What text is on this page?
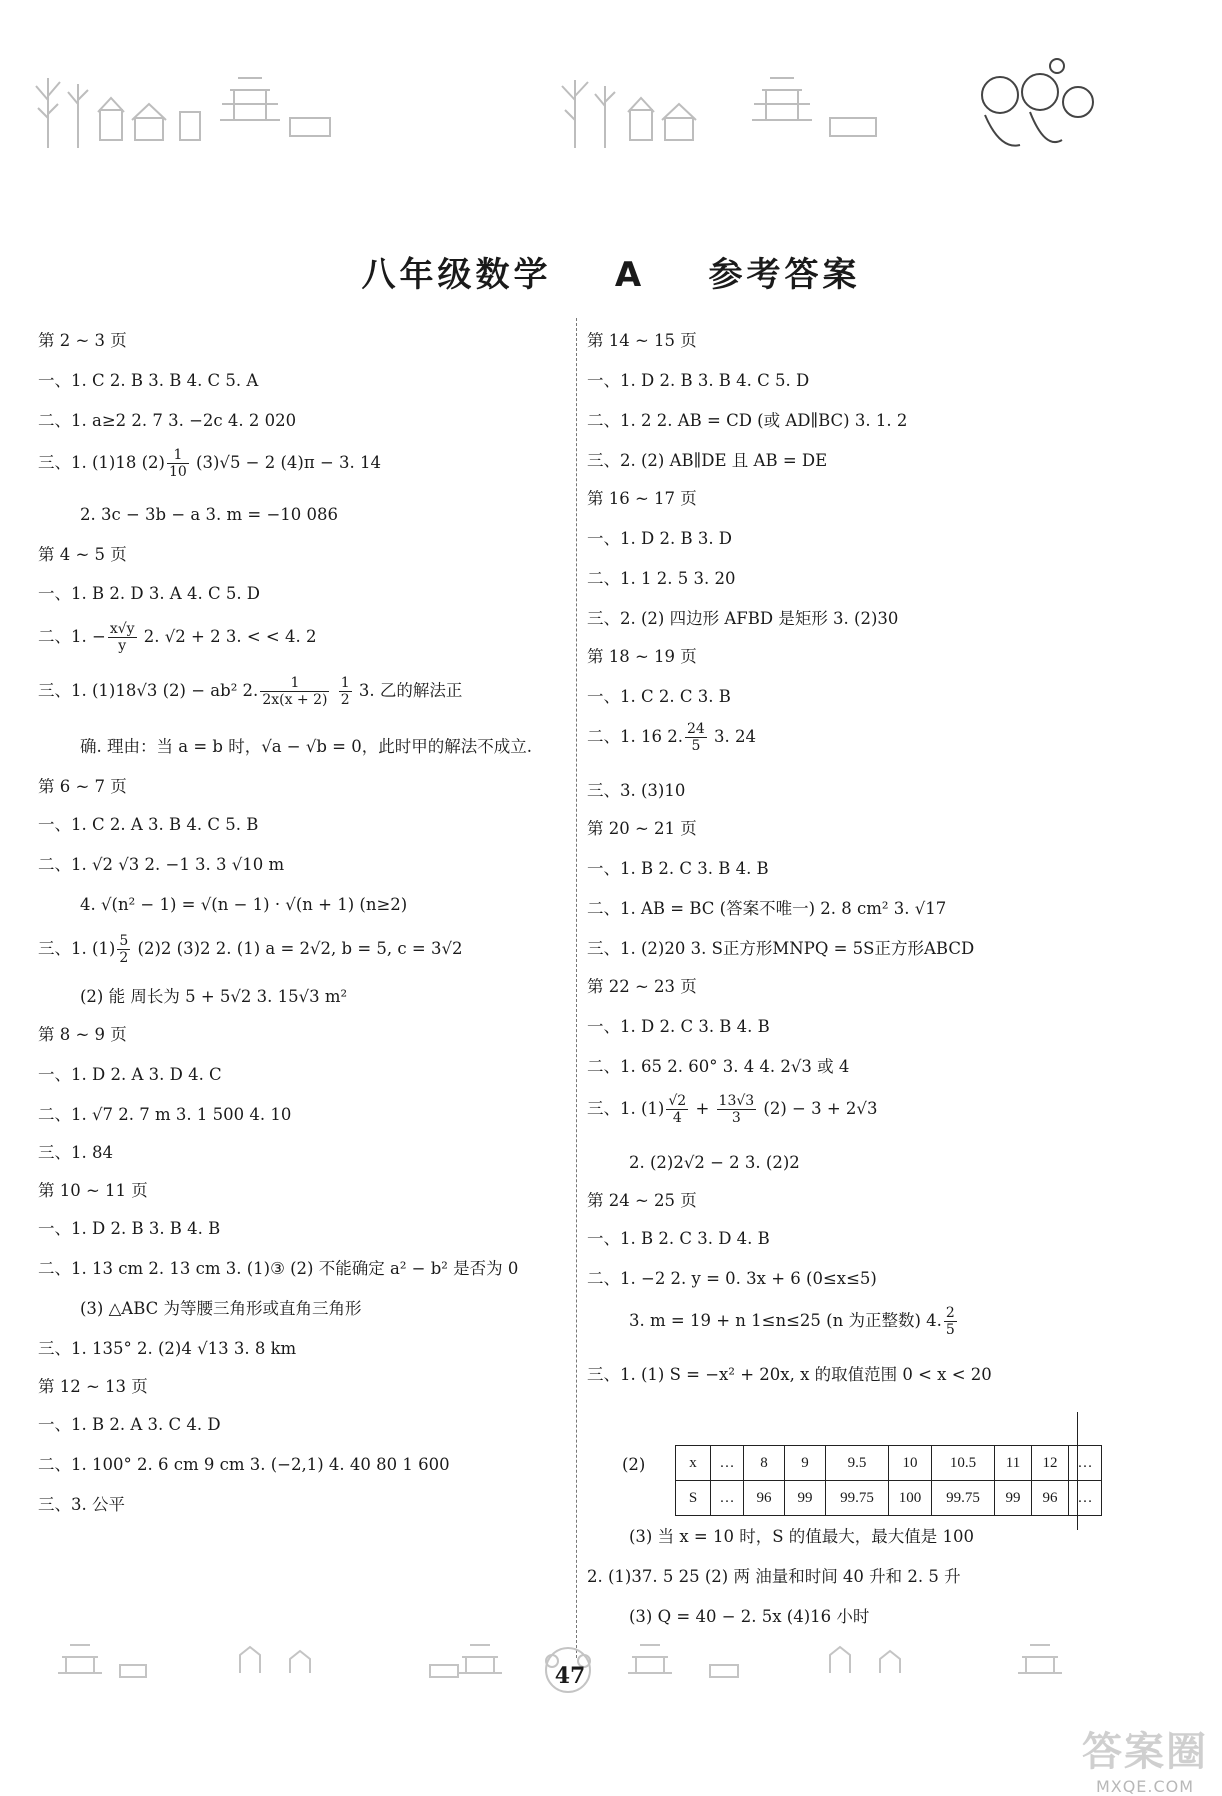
八年级数学    A    参考答案
第 2 ~ 3 页
一、1. C 2. B 3. B 4. C 5. A
二、1. a≥2 2. 7 3. −2c 4. 2 020
三、1. (1)18 $(2) \frac{1}{10} (3)√5 - 2$ (4)π − 3. 14
2. 3c − 3b − a 3. m = −10 086
第 4 ~ 5 页
一、1. B 2. D 3. A 4. C 5. D
二、1. − $\frac{x√y}{y} 2$. √2 + 2 3. < < 4. 2
三、1. (1)18√3 (2) − ab² 2. $\frac{1}{2x(x + 2)}$
$\frac{1}{2} 3$. 乙的解法正
确. 理由：当 a = b 时，√a − √b = 0，此时甲的解法不成立.
第 6 ~ 7 页
一、1. C 2. A 3. B 4. C 5. B
二、1. √2 √3 2. −1 3. 3 √10 m
4. √(n² − 1) = √(n − 1) · √(n + 1) (n≥2)
三、1. $(1) \frac{5}{2} (2)2$ (3)2 2. (1) a = 2√2, b = 5, c = 3√2
(2) 能 周长为 5 + 5√2 3. 15√3 m²
第 8 ~ 9 页
一、1. D 2. A 3. D 4. C
二、1. √7 2. 7 m 3. 1 500 4. 10
三、1. 84
第 10 ~ 11 页
一、1. D 2. B 3. B 4. B
二、1. 13 cm 2. 13 cm 3. (1)③ (2) 不能确定 a² − b² 是否为 0
(3) △ABC 为等腰三角形或直角三角形
三、1. 135° 2. (2)4 √13 3. 8 km
第 12 ~ 13 页
一、1. B 2. A 3. C 4. D
二、1. 100° 2. 6 cm 9 cm 3. (−2,1) 4. 40 80 1 600
三、3. 公平
第 14 ~ 15 页
一、1. D 2. B 3. B 4. C 5. D
二、1. 2 2. AB = CD (或 AD∥BC) 3. 1. 2
三、2. (2) AB∥DE 且 AB = DE
第 16 ~ 17 页
一、1. D 2. B 3. D
二、1. 1 2. 5 3. 20
三、2. (2) 四边形 AFBD 是矩形 3. (2)30
第 18 ~ 19 页
一、1. C 2. C 3. B
二、1. 16 2. $\frac{24}{5} 3$. 24
三、3. (3)10
第 20 ~ 21 页
一、1. B 2. C 3. B 4. B
二、1. AB = BC (答案不唯一) 2. 8 cm² 3. √17
三、1. (2)20 3. S正方形MNPQ = 5S正方形ABCD
第 22 ~ 23 页
一、1. D 2. C 3. B 4. B
二、1. 65 2. 60° 3. 4 4. 2√3 或 4
三、1. $(1) \frac{√2}{4} + \frac{13√3}{3} (2) - 3 + 2√3$
2. (2)2√2 − 2 3. (2)2
第 24 ~ 25 页
一、1. B 2. C 3. D 4. B
二、1. −2 2. y = 0. 3x + 6 (0≤x≤5)
3. m = 19 + n 1≤n≤25 (n 为正整数) 4. $\frac{2}{5}$
三、1. (1) S = −x² + 20x, x 的取值范围 0 < x < 20
(3) 当 x = 10 时，S 的值最大，最大值是 100
2. (1)37. 5 25 (2) 两 油量和时间 40 升和 2. 5 升
(3) Q = 40 − 2. 5x (4)16 小时
(2)	x	…	8	9	9.5	10	10.5	11	12	…
S	…	96	99	99.75	100	99.75	99	96	…
47
答案圈
MXQE.COM
